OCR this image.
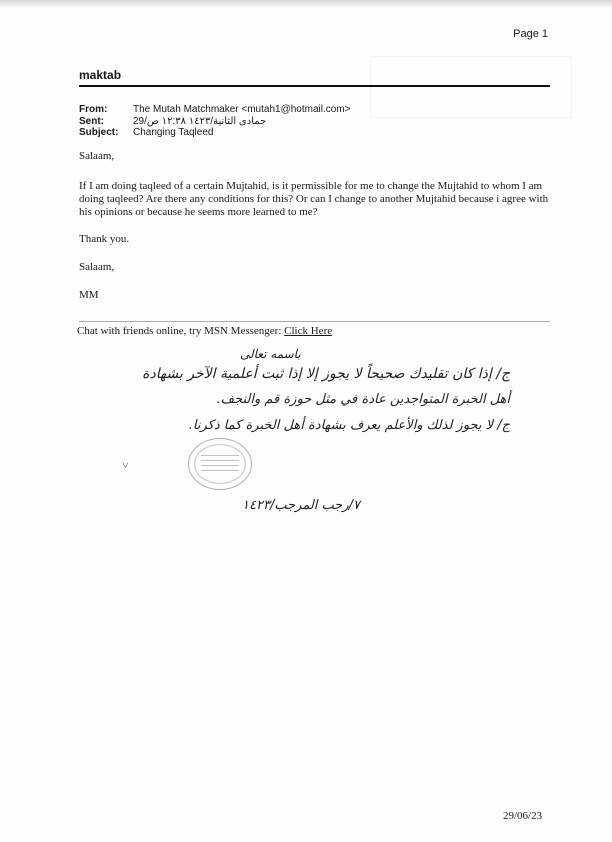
Page 1
maktab
From:	The Mutah Matchmaker <mutah1@hotmail.com>
Sent:	29/جمادى الثانية/١٤٢٣ ١٢:٣٨ ص
Subject:	Changing Taqleed
Salaam,
If I am doing taqleed of a certain Mujtahid, is it permissible for me to change the Mujtahid to whom I am doing taqleed? Are there any conditions for this? Or can I change to another Mujtahid because i agree with his opinions or because he seems more learned to me?
Thank you.
Salaam,
MM
Chat with friends online, try MSN Messenger: Click Here
باسمه تعالى
ج/ إذا كان تقليدك صحيحاً لا يجوز إلا إذا ثبت أعلمية الآخر بشهادة
أهل الخبرة المتواجدين عادة في مثل حوزة قم والنجف.
ج/ لا يجوز لذلك والأعلم يعرف بشهادة أهل الخبرة كما ذكرنا.
˅
٧/رجب المرجب/١٤٢٣
29/06/23
